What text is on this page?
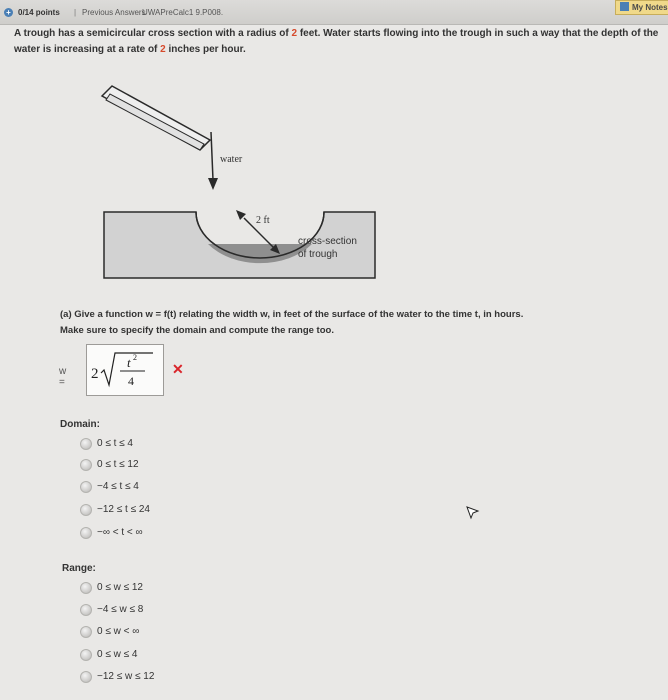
+ 0/14 points | Previous Answers
UWAPreCalc1 9.P008.
My Notes
A trough has a semicircular cross section with a radius of 2 feet. Water starts flowing into the trough in such a way that the depth of the water is increasing at a rate of 2 inches per hour.
water
2 ft
cross-section
of trough
(a) Give a function w = f(t) relating the width w, in feet of the surface of the water to the time t, in hours.
Make sure to specify the domain and compute the range too.
w =
2
t 2
4
✕
Domain:
0 ≤ t ≤ 4
0 ≤ t ≤ 12
−4 ≤ t ≤ 4
−12 ≤ t ≤ 24
−∞ < t < ∞
Range:
0 ≤ w ≤ 12
−4 ≤ w ≤ 8
0 ≤ w < ∞
0 ≤ w ≤ 4
−12 ≤ w ≤ 12
